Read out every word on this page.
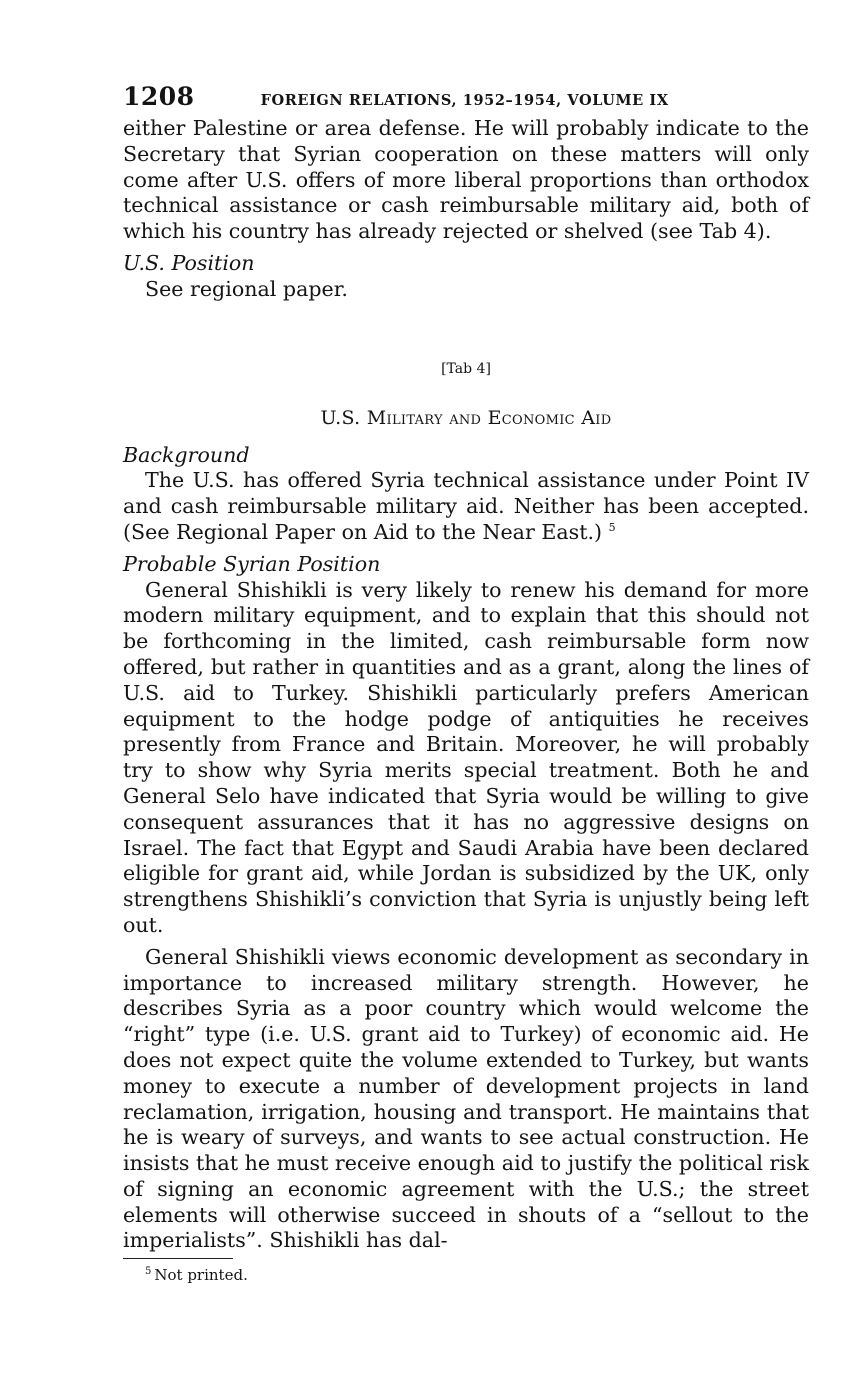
1208	FOREIGN RELATIONS, 1952–1954, VOLUME IX

either Palestine or area defense. He will probably indicate to the Secretary that Syrian cooperation on these matters will only come after U.S. offers of more liberal proportions than orthodox technical assistance or cash reimbursable military aid, both of which his country has already rejected or shelved (see Tab 4).

U.S. Position

See regional paper.

[Tab 4]

U.S. Military and Economic Aid

Background

The U.S. has offered Syria technical assistance under Point IV and cash reimbursable military aid. Neither has been accepted. (See Regional Paper on Aid to the Near East.) $^5$

Probable Syrian Position

General Shishikli is very likely to renew his demand for more modern military equipment, and to explain that this should not be forthcoming in the limited, cash reimbursable form now offered, but rather in quantities and as a grant, along the lines of U.S. aid to Turkey. Shishikli particularly prefers American equipment to the hodge podge of antiquities he receives presently from France and Britain. Moreover, he will probably try to show why Syria merits special treatment. Both he and General Selo have indicated that Syria would be willing to give consequent assurances that it has no aggressive designs on Israel. The fact that Egypt and Saudi Arabia have been declared eligible for grant aid, while Jordan is subsidized by the UK, only strengthens Shishikli’s conviction that Syria is unjustly being left out.

General Shishikli views economic development as secondary in importance to increased military strength. However, he describes Syria as a poor country which would welcome the “right” type (i.e. U.S. grant aid to Turkey) of economic aid. He does not expect quite the volume extended to Turkey, but wants money to execute a number of development projects in land reclamation, irrigation, housing and transport. He maintains that he is weary of surveys, and wants to see actual construction. He insists that he must receive enough aid to justify the political risk of signing an economic agreement with the U.S.; the street elements will otherwise succeed in shouts of a “sellout to the imperialists”. Shishikli has dal-

$^5$ Not printed.
